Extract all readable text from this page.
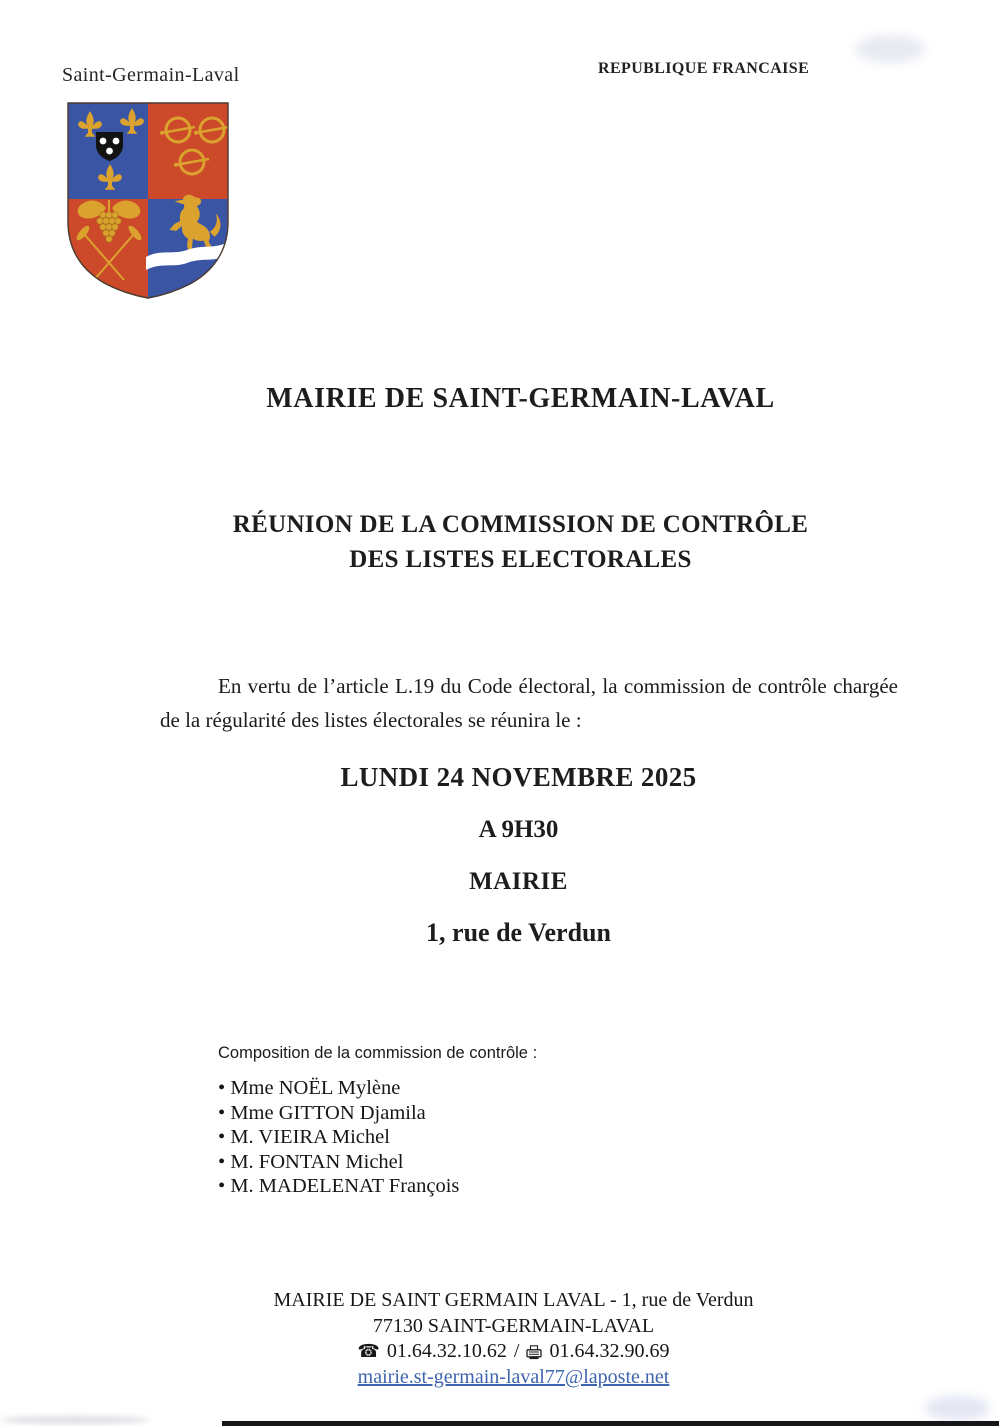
Saint-Germain-Laval	REPUBLIQUE FRANCAISE
MAIRIE DE SAINT-GERMAIN-LAVAL
RÉUNION DE LA COMMISSION DE CONTRÔLE
DES LISTES ELECTORALES

En vertu de l’article L.19 du Code électoral, la commission de contrôle chargée de la régularité des listes électorales se réunira le :

LUNDI 24 NOVEMBRE 2025
A 9H30
MAIRIE
1, rue de Verdun
Composition de la commission de contrôle :
• Mme NOËL Mylène
• Mme GITTON Djamila
• M. VIEIRA Michel
• M. FONTAN Michel
• M. MADELENAT François
MAIRIE DE SAINT GERMAIN LAVAL - 1, rue de Verdun
77130 SAINT-GERMAIN-LAVAL
☎ 01.64.32.10.62 / 01.64.32.90.69
mairie.st-germain-laval77@laposte.net
